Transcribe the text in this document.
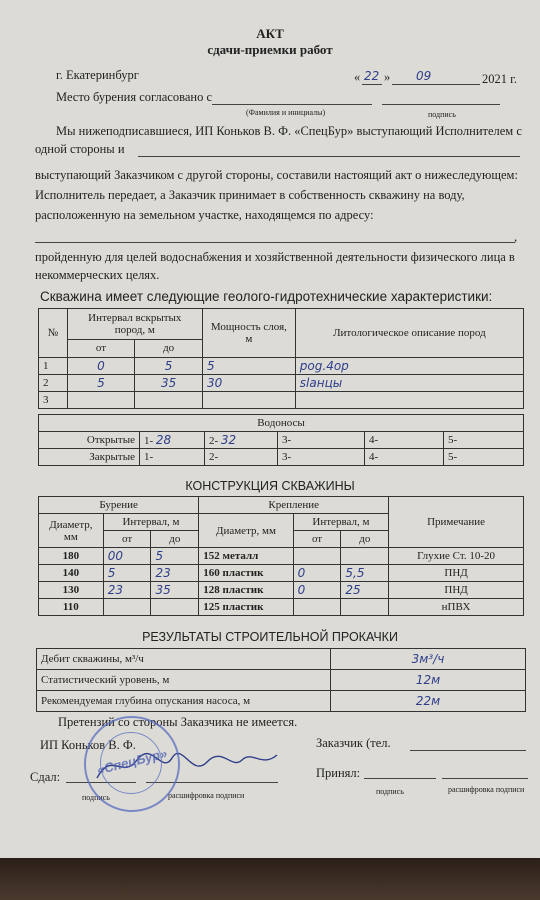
АКТ
сдачи-приемки работ
г. Екатеринбург	« 22 » 09	2021 г.
Место бурения согласовано с
(Фамилия и инициалы)	подпись
Мы нижеподписавшиеся, ИП Коньков В. Ф. «СпецБур» выступающий Исполнителем с
одной стороны и
выступающий Заказчиком с другой стороны, составили настоящий акт о нижеследующем:
Исполнитель передает, а Заказчик принимает в собственность скважину на воду,
расположенную на земельном участке, находящемся по адресу:
,
пройденную для целей водоснабжения и хозяйственной деятельности физического лица в
некоммерческих целях.
Скважина имеет следующие геолого-гидротехнические характеристики:
№	Интервал вскрытых пород, м		Мощность слоя, м	Литологическое описание пород
	от	до		
1	0	5	5	pog.4op
2	5	35	30	slaнцы
3				
Водоносы					
Открытые	1- 28	2- 32	3-	4-	5-
Закрытые	1-	2-	3-	4-	5-
КОНСТРУКЦИЯ СКВАЖИНЫ
Бурение			Крепление			Примечание
Диаметр, мм	Интервал, м		Диаметр, мм	Интервал, м		
	от	до		от	до	
180	00	5	152 металл			Глухие Ст. 10-20
140	5	23	160 пластик	0	5,5	ПНД
130	23	35	128 пластик	0	25	ПНД
110			125 пластик			нПВХ
РЕЗУЛЬТАТЫ СТРОИТЕЛЬНОЙ ПРОКАЧКИ
Дебит скважины, м³/ч	3м³/ч
Статистический уровень, м	12м
Рекомендуемая глубина опускания насоса, м	22м
Претензий со стороны Заказчика не имеется.
ИП Коньков В. Ф.	Заказчик (тел.
Сдал:
подпись	расшифровка подписи
Принял:
подпись	расшифровка подписи
«СпецБур»
